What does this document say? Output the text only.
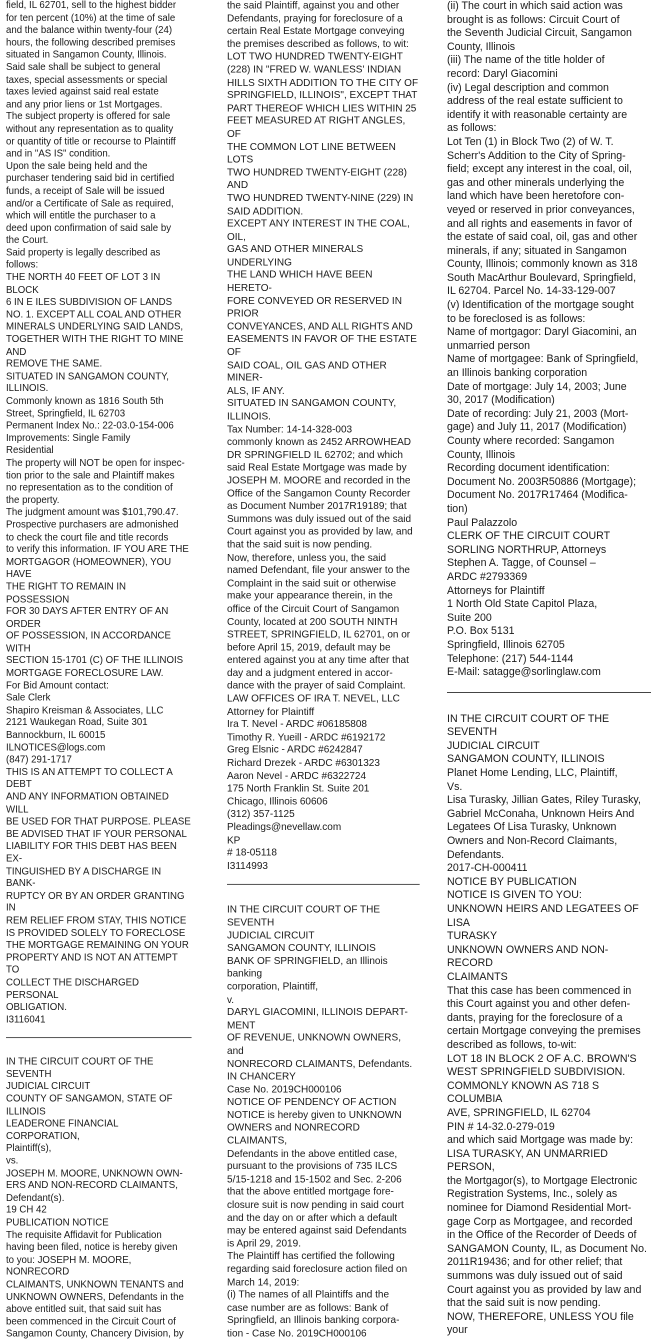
field, IL 62701, sell to the highest bidder
for ten percent (10%) at the time of sale
and the balance within twenty-four (24)
hours, the following described premises
situated in Sangamon County, Illinois.
Said sale shall be subject to general
taxes, special assessments or special
taxes levied against said real estate
and any prior liens or 1st Mortgages.
The subject property is offered for sale
without any representation as to quality
or quantity of title or recourse to Plaintiff
and in "AS IS" condition.
Upon the sale being held and the
purchaser tendering said bid in certified
funds, a receipt of Sale will be issued
and/or a Certificate of Sale as required,
which will entitle the purchaser to a
deed upon confirmation of said sale by
the Court.
Said property is legally described as
follows:
THE NORTH 40 FEET OF LOT 3 IN BLOCK
6 IN E ILES SUBDIVISION OF LANDS
NO. 1. EXCEPT ALL COAL AND OTHER
MINERALS UNDERLYING SAID LANDS,
TOGETHER WITH THE RIGHT TO MINE AND
REMOVE THE SAME.
SITUATED IN SANGAMON COUNTY,
ILLINOIS.
Commonly known as 1816 South 5th
Street, Springfield, IL 62703
Permanent Index No.: 22-03.0-154-006
Improvements: Single Family
Residential
The property will NOT be open for inspec-
tion prior to the sale and Plaintiff makes
no representation as to the condition of
the property.
The judgment amount was $101,790.47.
Prospective purchasers are admonished
to check the court file and title records
to verify this information. IF YOU ARE THE
MORTGAGOR (HOMEOWNER), YOU HAVE
THE RIGHT TO REMAIN IN POSSESSION
FOR 30 DAYS AFTER ENTRY OF AN ORDER
OF POSSESSION, IN ACCORDANCE WITH
SECTION 15-1701 (C) OF THE ILLINOIS
MORTGAGE FORECLOSURE LAW.
For Bid Amount contact:
Sale Clerk
Shapiro Kreisman & Associates, LLC
2121 Waukegan Road, Suite 301
Bannockburn, IL 60015
ILNOTICES@logs.com
(847) 291-1717
THIS IS AN ATTEMPT TO COLLECT A DEBT
AND ANY INFORMATION OBTAINED WILL
BE USED FOR THAT PURPOSE. PLEASE
BE ADVISED THAT IF YOUR PERSONAL
LIABILITY FOR THIS DEBT HAS BEEN EX-
TINGUISHED BY A DISCHARGE IN BANK-
RUPTCY OR BY AN ORDER GRANTING IN
REM RELIEF FROM STAY, THIS NOTICE
IS PROVIDED SOLELY TO FORECLOSE
THE MORTGAGE REMAINING ON YOUR
PROPERTY AND IS NOT AN ATTEMPT TO
COLLECT THE DISCHARGED PERSONAL
OBLIGATION.
I3116041

IN THE CIRCUIT COURT OF THE SEVENTH
JUDICIAL CIRCUIT
COUNTY OF SANGAMON, STATE OF
ILLINOIS
LEADERONE FINANCIAL CORPORATION,
Plaintiff(s),
vs.
JOSEPH M. MOORE, UNKNOWN OWN-
ERS AND NON-RECORD CLAIMANTS,
Defendant(s).
19 CH 42
PUBLICATION NOTICE
The requisite Affidavit for Publication
having been filed, notice is hereby given
to you: JOSEPH M. MOORE, NONRECORD
CLAIMANTS, UNKNOWN TENANTS and
UNKNOWN OWNERS, Defendants in the
above entitled suit, that said suit has
been commenced in the Circuit Court of
Sangamon County, Chancery Division, by

the said Plaintiff, against you and other
Defendants, praying for foreclosure of a
certain Real Estate Mortgage conveying
the premises described as follows, to wit:
LOT TWO HUNDRED TWENTY-EIGHT
(228) IN "FRED W. WANLESS' INDIAN
HILLS SIXTH ADDITION TO THE CITY OF
SPRINGFIELD, ILLINOIS", EXCEPT THAT
PART THEREOF WHICH LIES WITHIN 25
FEET MEASURED AT RIGHT ANGLES, OF
THE COMMON LOT LINE BETWEEN LOTS
TWO HUNDRED TWENTY-EIGHT (228) AND
TWO HUNDRED TWENTY-NINE (229) IN
SAID ADDITION.
EXCEPT ANY INTEREST IN THE COAL, OIL,
GAS AND OTHER MINERALS UNDERLYING
THE LAND WHICH HAVE BEEN HERETO-
FORE CONVEYED OR RESERVED IN PRIOR
CONVEYANCES, AND ALL RIGHTS AND
EASEMENTS IN FAVOR OF THE ESTATE OF
SAID COAL, OIL GAS AND OTHER MINER-
ALS, IF ANY.
SITUATED IN SANGAMON COUNTY,
ILLINOIS.
Tax Number: 14-14-328-003
commonly known as 2452 ARROWHEAD
DR SPRINGFIELD IL 62702; and which
said Real Estate Mortgage was made by
JOSEPH M. MOORE and recorded in the
Office of the Sangamon County Recorder
as Document Number 2017R19189; that
Summons was duly issued out of the said
Court against you as provided by law, and
that the said suit is now pending.
Now, therefore, unless you, the said
named Defendant, file your answer to the
Complaint in the said suit or otherwise
make your appearance therein, in the
office of the Circuit Court of Sangamon
County, located at 200 SOUTH NINTH
STREET, SPRINGFIELD, IL 62701, on or
before April 15, 2019, default may be
entered against you at any time after that
day and a judgment entered in accor-
dance with the prayer of said Complaint.
LAW OFFICES OF IRA T. NEVEL, LLC
Attorney for Plaintiff
Ira T. Nevel - ARDC #06185808
Timothy R. Yueill - ARDC #6192172
Greg Elsnic - ARDC #6242847
Richard Drezek - ARDC #6301323
Aaron Nevel - ARDC #6322724
175 North Franklin St. Suite 201
Chicago, Illinois 60606
(312) 357-1125
Pleadings@nevellaw.com
KP
# 18-05118
I3114993

IN THE CIRCUIT COURT OF THE SEVENTH
JUDICIAL CIRCUIT
SANGAMON COUNTY, ILLINOIS
BANK OF SPRINGFIELD, an Illinois
banking
corporation, Plaintiff,
v.
DARYL GIACOMINI, ILLINOIS DEPART-
MENT
OF REVENUE, UNKNOWN OWNERS, and
NONRECORD CLAIMANTS, Defendants.
IN CHANCERY
Case No. 2019CH000106
NOTICE OF PENDENCY OF ACTION
NOTICE is hereby given to UNKNOWN
OWNERS and NONRECORD CLAIMANTS,
Defendants in the above entitled case,
pursuant to the provisions of 735 ILCS
5/15-1218 and 15-1502 and Sec. 2-206
that the above entitled mortgage fore-
closure suit is now pending in said court
and the day on or after which a default
may be entered against said Defendants
is April 29, 2019.
The Plaintiff has certified the following
regarding said foreclosure action filed on
March 14, 2019:
(i) The names of all Plaintiffs and the
case number are as follows: Bank of
Springfield, an Illinois banking corpora-
tion - Case No. 2019CH000106

(ii) The court in which said action was
brought is as follows: Circuit Court of
the Seventh Judicial Circuit, Sangamon
County, Illinois
(iii) The name of the title holder of
record: Daryl Giacomini
(iv) Legal description and common
address of the real estate sufficient to
identify it with reasonable certainty are
as follows:
Lot Ten (1) in Block Two (2) of W. T.
Scherr's Addition to the City of Spring-
field; except any interest in the coal, oil,
gas and other minerals underlying the
land which have been heretofore con-
veyed or reserved in prior conveyances,
and all rights and easements in favor of
the estate of said coal, oil, gas and other
minerals, if any; situated in Sangamon
County, Illinois; commonly known as 318
South MacArthur Boulevard, Springfield,
IL 62704. Parcel No. 14-33-129-007
(v) Identification of the mortgage sought
to be foreclosed is as follows:
Name of mortgagor: Daryl Giacomini, an
unmarried person
Name of mortgagee: Bank of Springfield,
an Illinois banking corporation
Date of mortgage: July 14, 2003; June
30, 2017 (Modification)
Date of recording: July 21, 2003 (Mort-
gage) and July 11, 2017 (Modification)
County where recorded: Sangamon
County, Illinois
Recording document identification:
Document No. 2003R50886 (Mortgage);
Document No. 2017R17464 (Modifica-
tion)
Paul Palazzolo
CLERK OF THE CIRCUIT COURT
SORLING NORTHRUP, Attorneys
Stephen A. Tagge, of Counsel –
ARDC #2793369
Attorneys for Plaintiff
1 North Old State Capitol Plaza,
Suite 200
P.O. Box 5131
Springfield, Illinois 62705
Telephone: (217) 544-1144
E-Mail: satagge@sorlinglaw.com

IN THE CIRCUIT COURT OF THE SEVENTH
JUDICIAL CIRCUIT
SANGAMON COUNTY, ILLINOIS
Planet Home Lending, LLC, Plaintiff,
Vs.
Lisa Turasky, Jillian Gates, Riley Turasky,
Gabriel McConaha, Unknown Heirs And
Legatees Of Lisa Turasky, Unknown
Owners and Non-Record Claimants,
Defendants.
2017-CH-000411
NOTICE BY PUBLICATION
NOTICE IS GIVEN TO YOU:
UNKNOWN HEIRS AND LEGATEES OF LISA
TURASKY
UNKNOWN OWNERS AND NON-RECORD
CLAIMANTS
That this case has been commenced in
this Court against you and other defen-
dants, praying for the foreclosure of a
certain Mortgage conveying the premises
described as follows, to-wit:
LOT 18 IN BLOCK 2 OF A.C. BROWN'S
WEST SPRINGFIELD SUBDIVISION.
COMMONLY KNOWN AS 718 S COLUMBIA
AVE, SPRINGFIELD, IL 62704
PIN # 14-32.0-279-019
and which said Mortgage was made by:
LISA TURASKY, AN UNMARRIED PERSON,
the Mortgagor(s), to Mortgage Electronic
Registration Systems, Inc., solely as
nominee for Diamond Residential Mort-
gage Corp as Mortgagee, and recorded
in the Office of the Recorder of Deeds of
SANGAMON County, IL, as Document No.
2011R19436; and for other relief; that
summons was duly issued out of said
Court against you as provided by law and
that the said suit is now pending.
NOW, THEREFORE, UNLESS YOU file your
